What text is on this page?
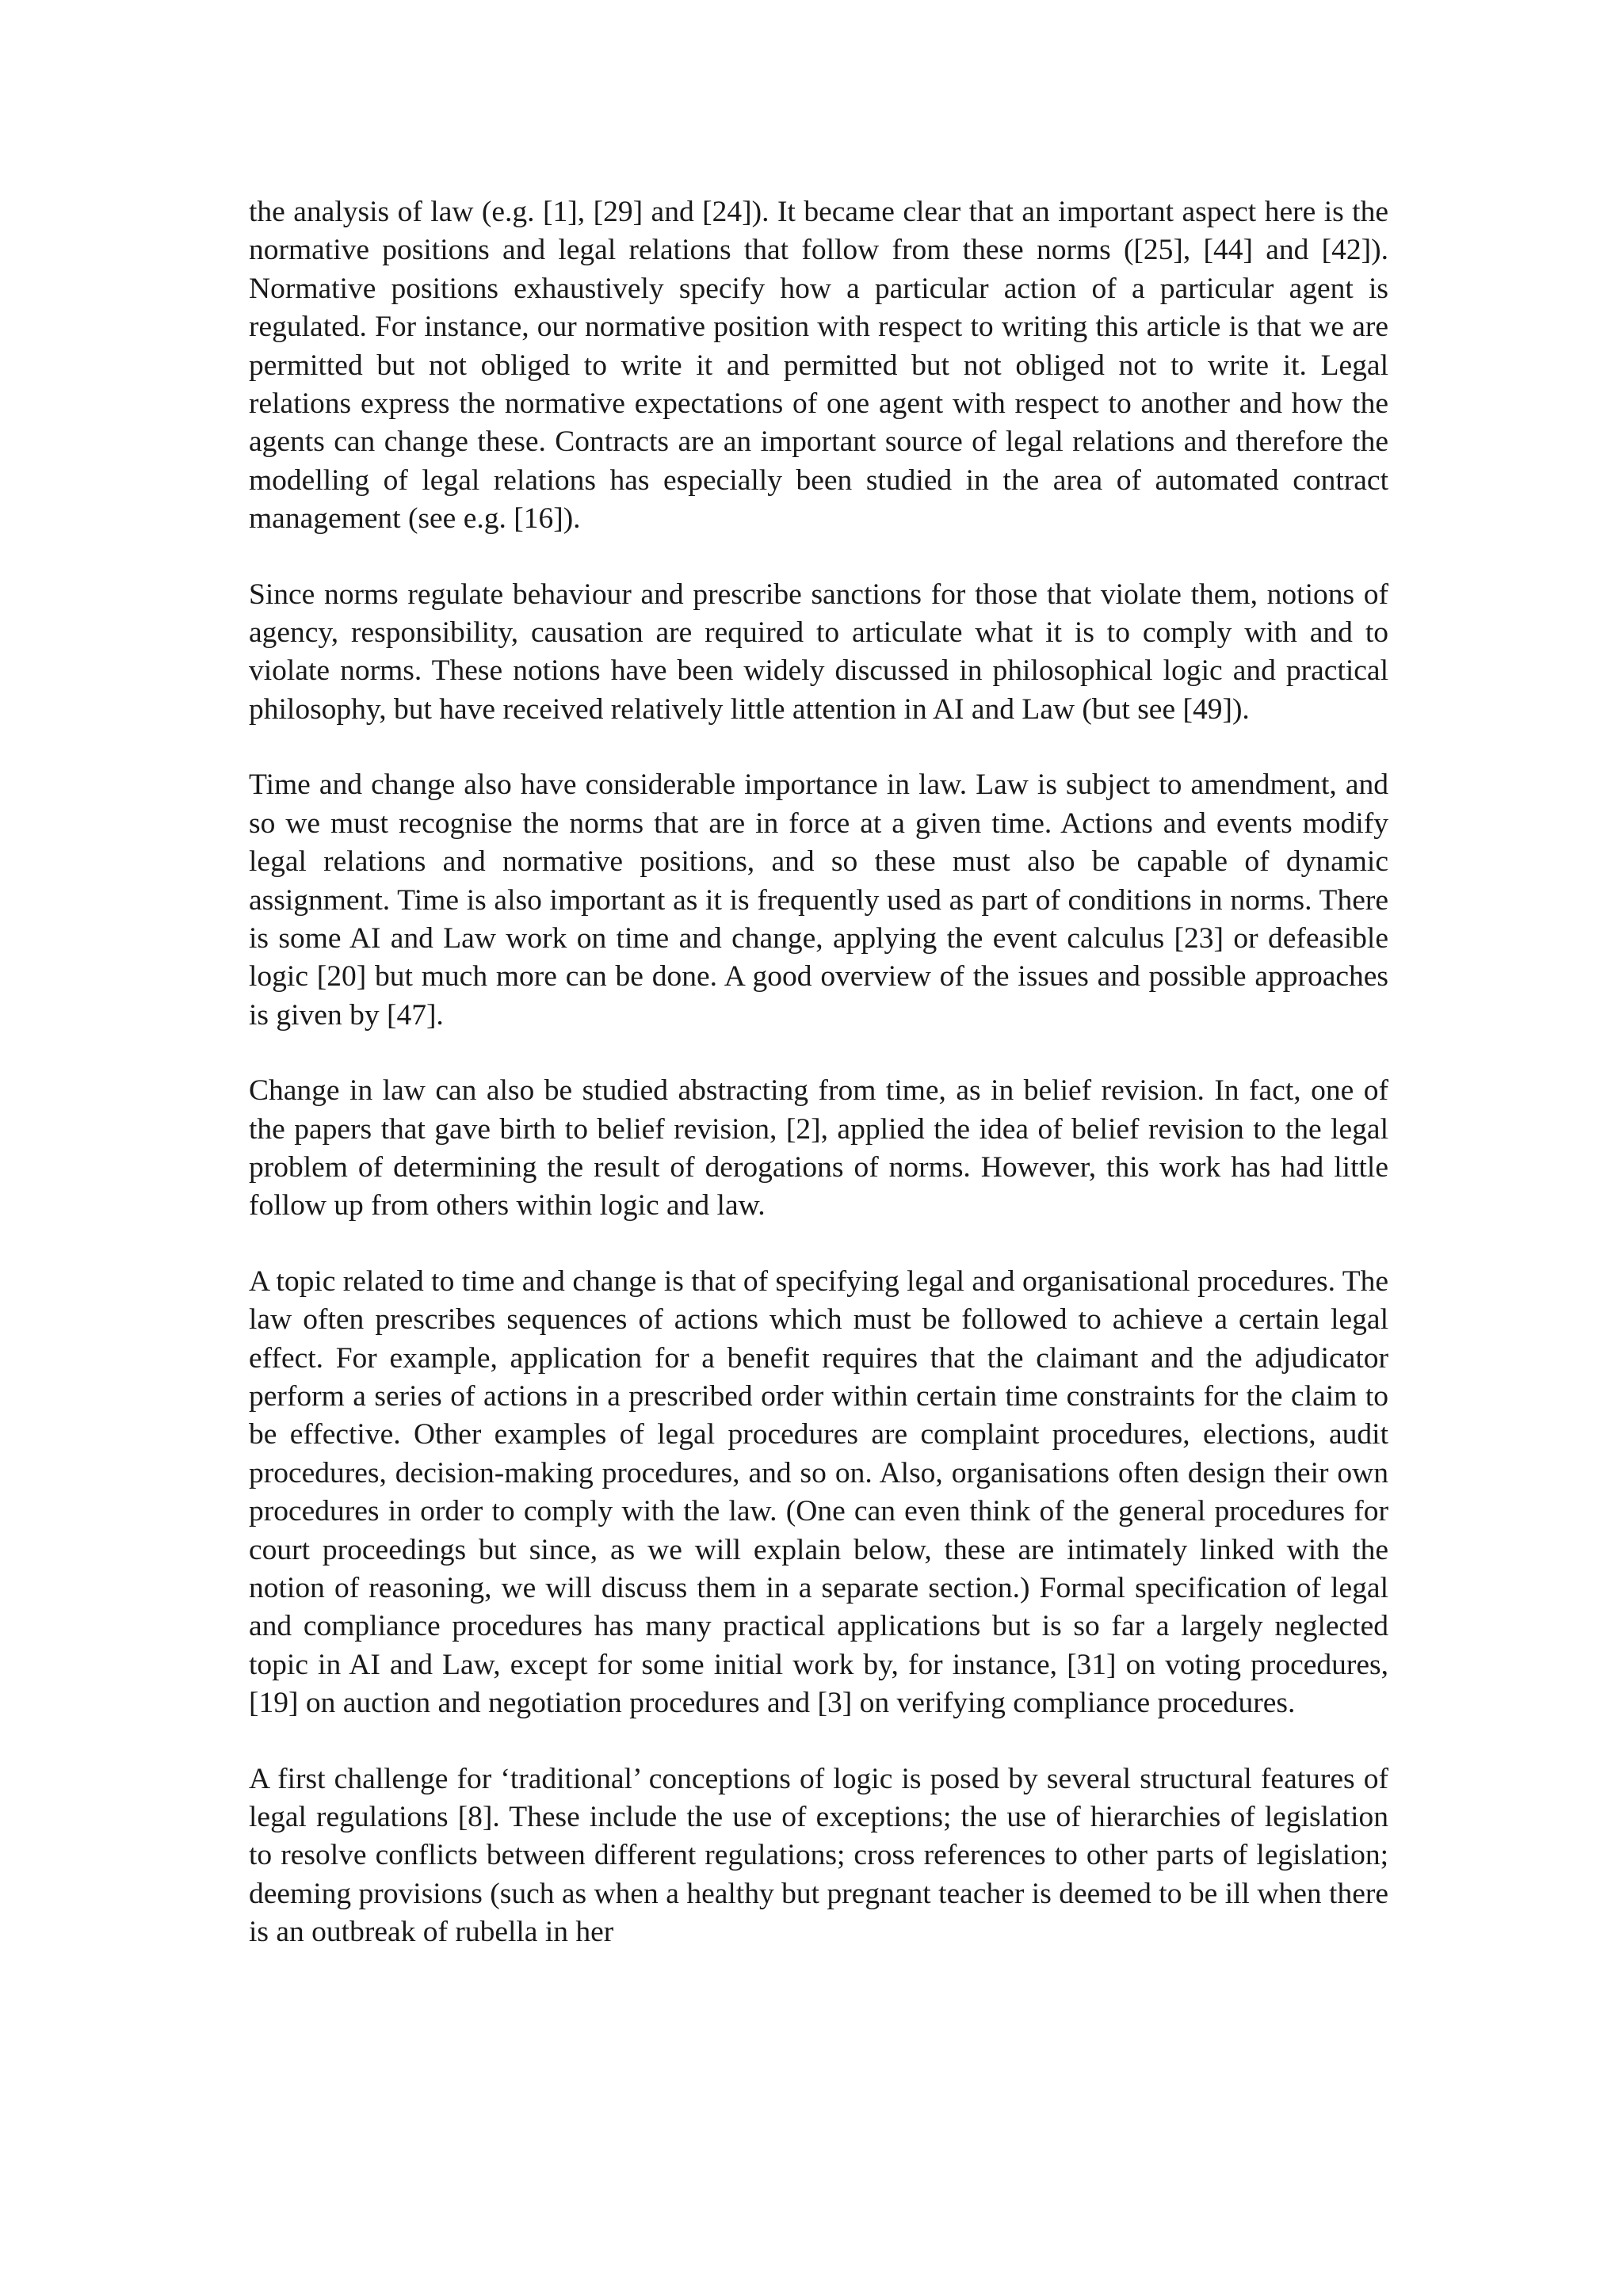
the analysis of law (e.g. [1], [29] and [24]). It became clear that an important aspect here is the normative positions and legal relations that follow from these norms ([25], [44] and [42]). Normative positions exhaustively specify how a particular action of a particular agent is regulated. For instance, our normative position with respect to writing this article is that we are permitted but not obliged to write it and permitted but not obliged not to write it. Legal relations express the normative expectations of one agent with respect to another and how the agents can change these. Contracts are an important source of legal relations and therefore the modelling of legal relations has especially been studied in the area of automated contract management (see e.g. [16]).

Since norms regulate behaviour and prescribe sanctions for those that violate them, notions of agency, responsibility, causation are required to articulate what it is to comply with and to violate norms. These notions have been widely discussed in philosophical logic and practical philosophy, but have received relatively little attention in AI and Law (but see [49]).

Time and change also have considerable importance in law. Law is subject to amendment, and so we must recognise the norms that are in force at a given time. Actions and events modify legal relations and normative positions, and so these must also be capable of dynamic assignment. Time is also important as it is frequently used as part of conditions in norms. There is some AI and Law work on time and change, applying the event calculus [23] or defeasible logic [20] but much more can be done. A good overview of the issues and possible approaches is given by [47].

Change in law can also be studied abstracting from time, as in belief revision. In fact, one of the papers that gave birth to belief revision, [2], applied the idea of belief revision to the legal problem of determining the result of derogations of norms. However, this work has had little follow up from others within logic and law.

A topic related to time and change is that of specifying legal and organisational procedures. The law often prescribes sequences of actions which must be followed to achieve a certain legal effect. For example, application for a benefit requires that the claimant and the adjudicator perform a series of actions in a prescribed order within certain time constraints for the claim to be effective. Other examples of legal procedures are complaint procedures, elections, audit procedures, decision-making procedures, and so on. Also, organisations often design their own procedures in order to comply with the law. (One can even think of the general procedures for court proceedings but since, as we will explain below, these are intimately linked with the notion of reasoning, we will discuss them in a separate section.) Formal specification of legal and compliance procedures has many practical applications but is so far a largely neglected topic in AI and Law, except for some initial work by, for instance, [31] on voting procedures, [19] on auction and negotiation procedures and [3] on verifying compliance procedures.

A first challenge for ‘traditional’ conceptions of logic is posed by several structural features of legal regulations [8]. These include the use of exceptions; the use of hierarchies of legislation to resolve conflicts between different regulations; cross references to other parts of legislation; deeming provisions (such as when a healthy but pregnant teacher is deemed to be ill when there is an outbreak of rubella in her
